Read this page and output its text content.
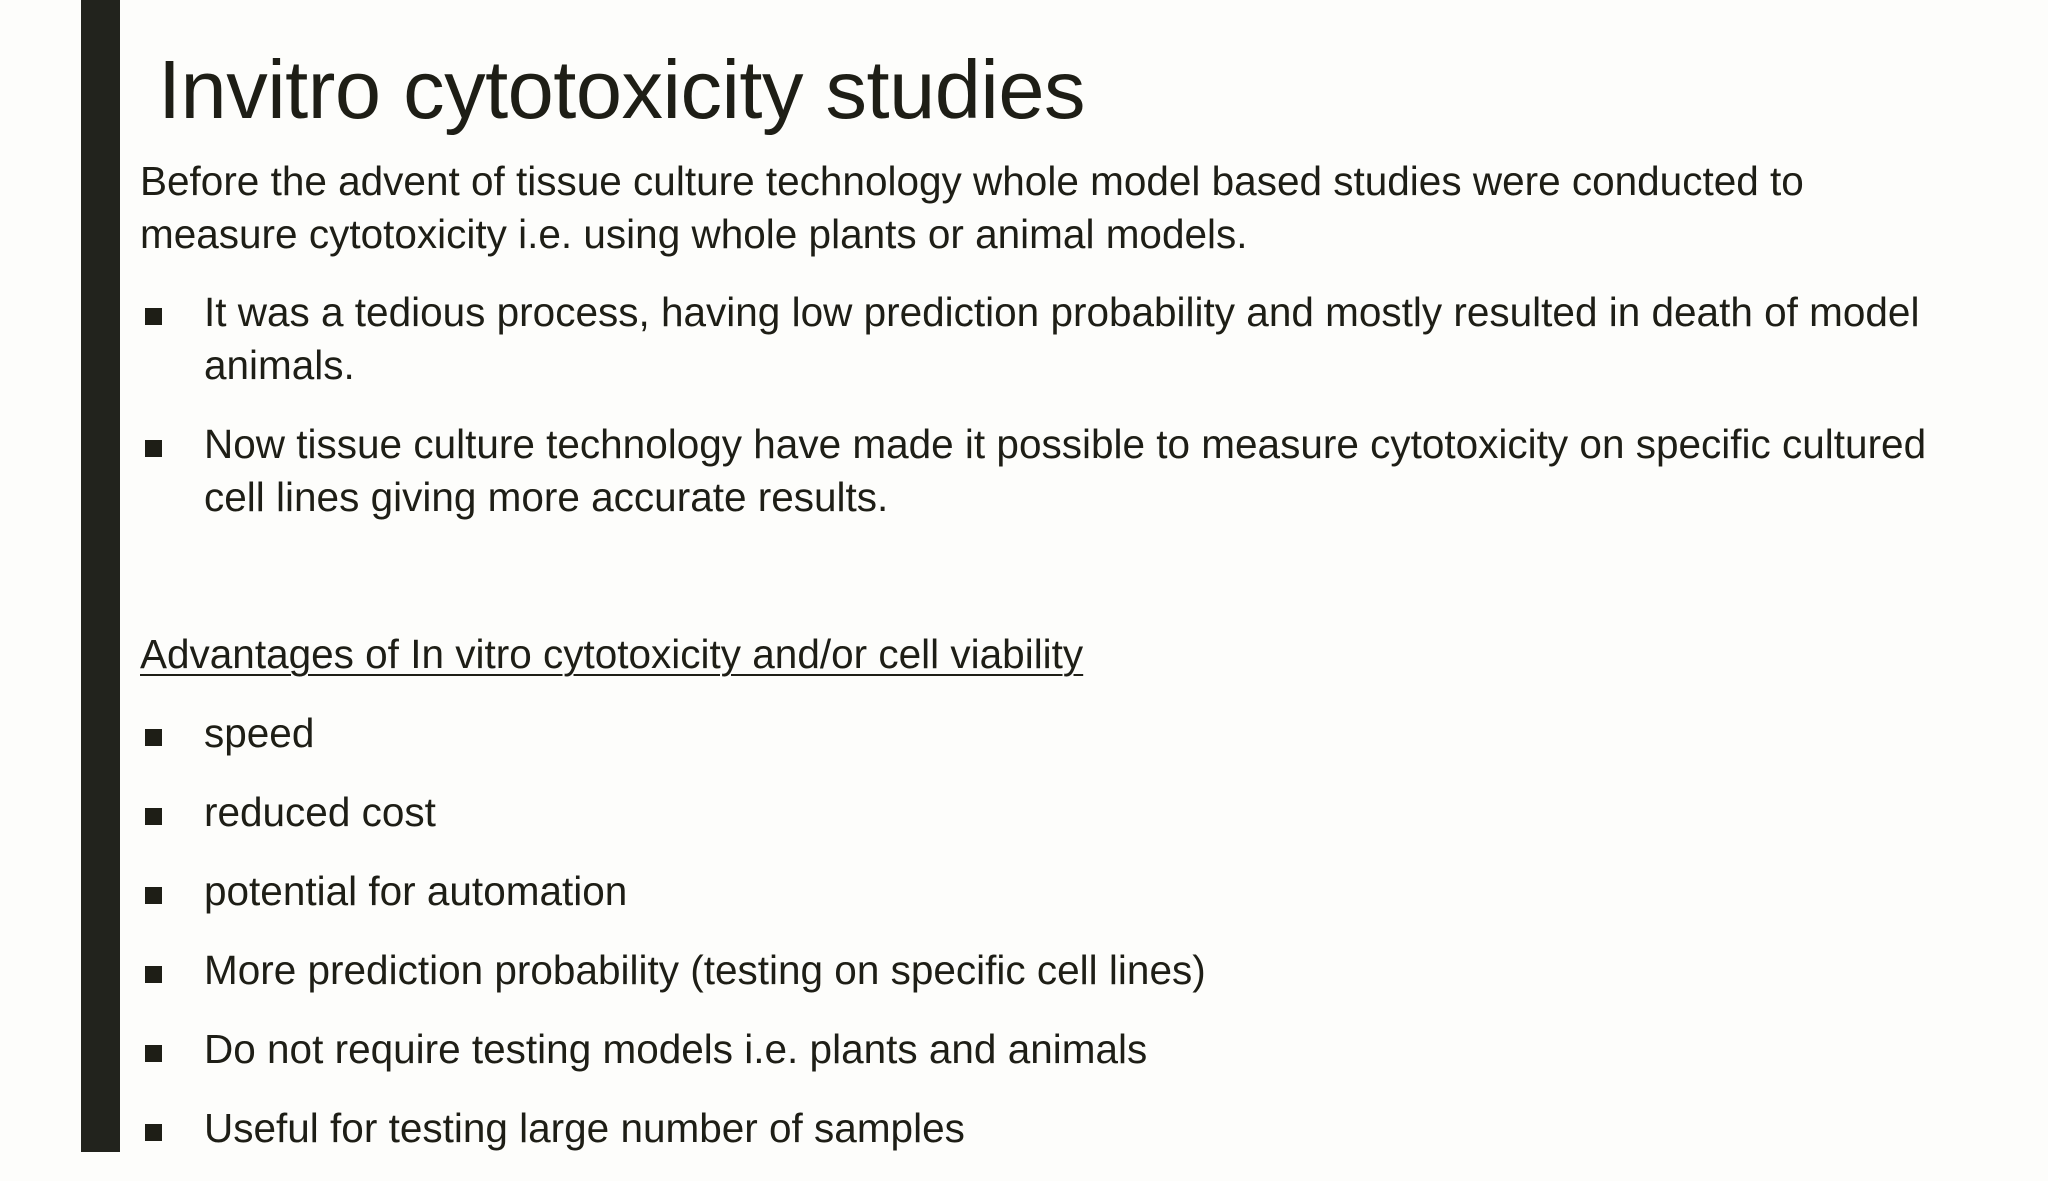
Invitro cytotoxicity studies

Before the advent of tissue culture technology whole model based studies were conducted to measure cytotoxicity i.e. using whole plants or animal models.

It was a tedious process, having low prediction probability and mostly resulted in death of model animals.
Now tissue culture technology have made it possible to measure cytotoxicity on specific cultured cell lines giving more accurate results.

Advantages of In vitro cytotoxicity and/or cell viability

speed
reduced cost
potential for automation
More prediction probability (testing on specific cell lines)
Do not require testing models i.e. plants and animals
Useful for testing large number of samples
